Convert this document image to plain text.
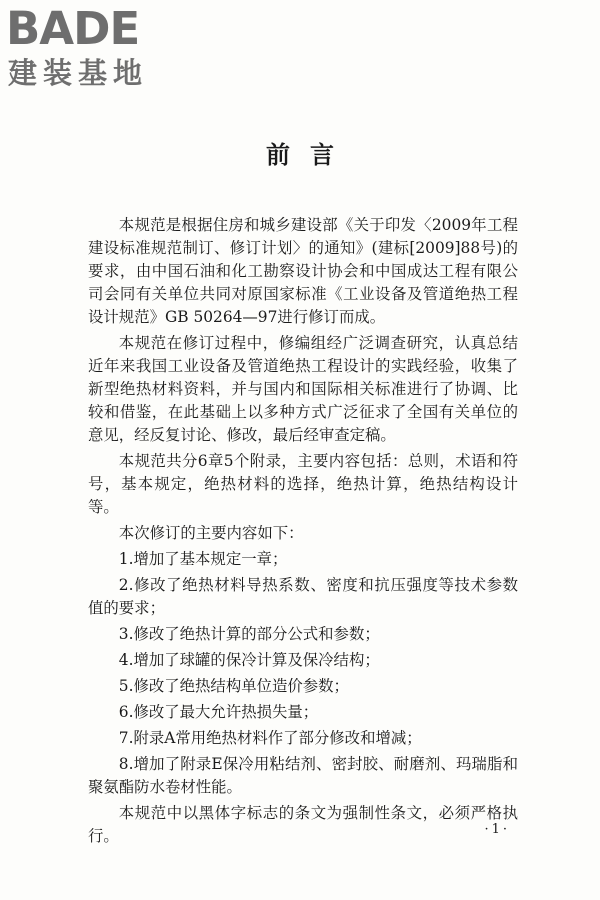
BADE
建装基地
前言

本规范是根据住房和城乡建设部《关于印发〈2009年工程建设标准规范制订、修订计划〉的通知》(建标[2009]88号)的要求，由中国石油和化工勘察设计协会和中国成达工程有限公司会同有关单位共同对原国家标准《工业设备及管道绝热工程设计规范》GB 50264—97进行修订而成。

本规范在修订过程中，修编组经广泛调查研究，认真总结近年来我国工业设备及管道绝热工程设计的实践经验，收集了新型绝热材料资料，并与国内和国际相关标准进行了协调、比较和借鉴，在此基础上以多种方式广泛征求了全国有关单位的意见，经反复讨论、修改，最后经审查定稿。

本规范共分6章5个附录，主要内容包括：总则，术语和符号，基本规定，绝热材料的选择，绝热计算，绝热结构设计等。

本次修订的主要内容如下：

1.增加了基本规定一章；

2.修改了绝热材料导热系数、密度和抗压强度等技术参数值的要求；

3.修改了绝热计算的部分公式和参数；

4.增加了球罐的保冷计算及保冷结构；

5.修改了绝热结构单位造价参数；

6.修改了最大允许热损失量；

7.附录A常用绝热材料作了部分修改和增减；

8.增加了附录E保冷用粘结剂、密封胶、耐磨剂、玛瑞脂和聚氨酯防水卷材性能。

本规范中以黑体字标志的条文为强制性条文，必须严格执行。	·1·
